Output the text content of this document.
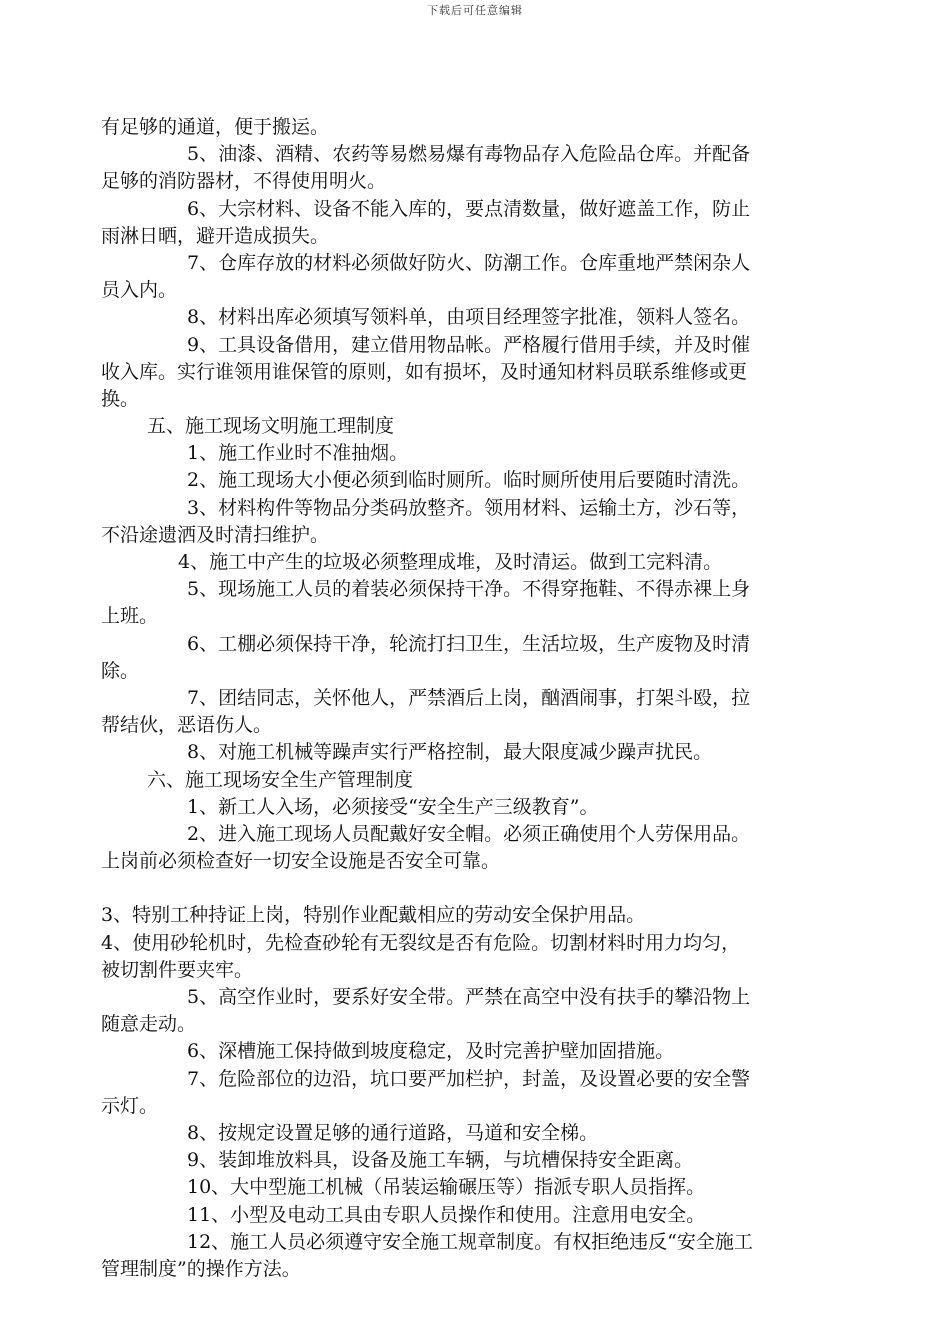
下载后可任意编辑
有足够的通道，便于搬运。
5、油漆、酒精、农药等易燃易爆有毒物品存入危险品仓库。并配备
足够的消防器材，不得使用明火。
6、大宗材料、设备不能入库的，要点清数量，做好遮盖工作，防止
雨淋日晒，避开造成损失。
7、仓库存放的材料必须做好防火、防潮工作。仓库重地严禁闲杂人
员入内。
8、材料出库必须填写领料单，由项目经理签字批准，领料人签名。
9、工具设备借用，建立借用物品帐。严格履行借用手续，并及时催
收入库。实行谁领用谁保管的原则，如有损坏，及时通知材料员联系维修或更
换。
五、施工现场文明施工理制度
1、施工作业时不准抽烟。
2、施工现场大小便必须到临时厕所。临时厕所使用后要随时清洗。
3、材料构件等物品分类码放整齐。领用材料、运输土方，沙石等，
不沿途遗洒及时清扫维护。
4、施工中产生的垃圾必须整理成堆，及时清运。做到工完料清。
5、现场施工人员的着装必须保持干净。不得穿拖鞋、不得赤裸上身
上班。
6、工棚必须保持干净，轮流打扫卫生，生活垃圾，生产废物及时清
除。
7、团结同志，关怀他人，严禁酒后上岗，酗酒闹事，打架斗殴，拉
帮结伙，恶语伤人。
8、对施工机械等躁声实行严格控制，最大限度减少躁声扰民。
六、施工现场安全生产管理制度
1、新工人入场，必须接受“安全生产三级教育”。
2、进入施工现场人员配戴好安全帽。必须正确使用个人劳保用品。
上岗前必须检查好一切安全设施是否安全可靠。
3、特别工种持证上岗，特别作业配戴相应的劳动安全保护用品。
4、使用砂轮机时，先检查砂轮有无裂纹是否有危险。切割材料时用力均匀，
被切割件要夹牢。
5、高空作业时，要系好安全带。严禁在高空中没有扶手的攀沿物上
随意走动。
6、深槽施工保持做到坡度稳定，及时完善护壁加固措施。
7、危险部位的边沿，坑口要严加栏护，封盖，及设置必要的安全警
示灯。
8、按规定设置足够的通行道路，马道和安全梯。
9、装卸堆放料具，设备及施工车辆，与坑槽保持安全距离。
10、大中型施工机械（吊装运输碾压等）指派专职人员指挥。
11、小型及电动工具由专职人员操作和使用。注意用电安全。
12、施工人员必须遵守安全施工规章制度。有权拒绝违反“安全施工
管理制度”的操作方法。
